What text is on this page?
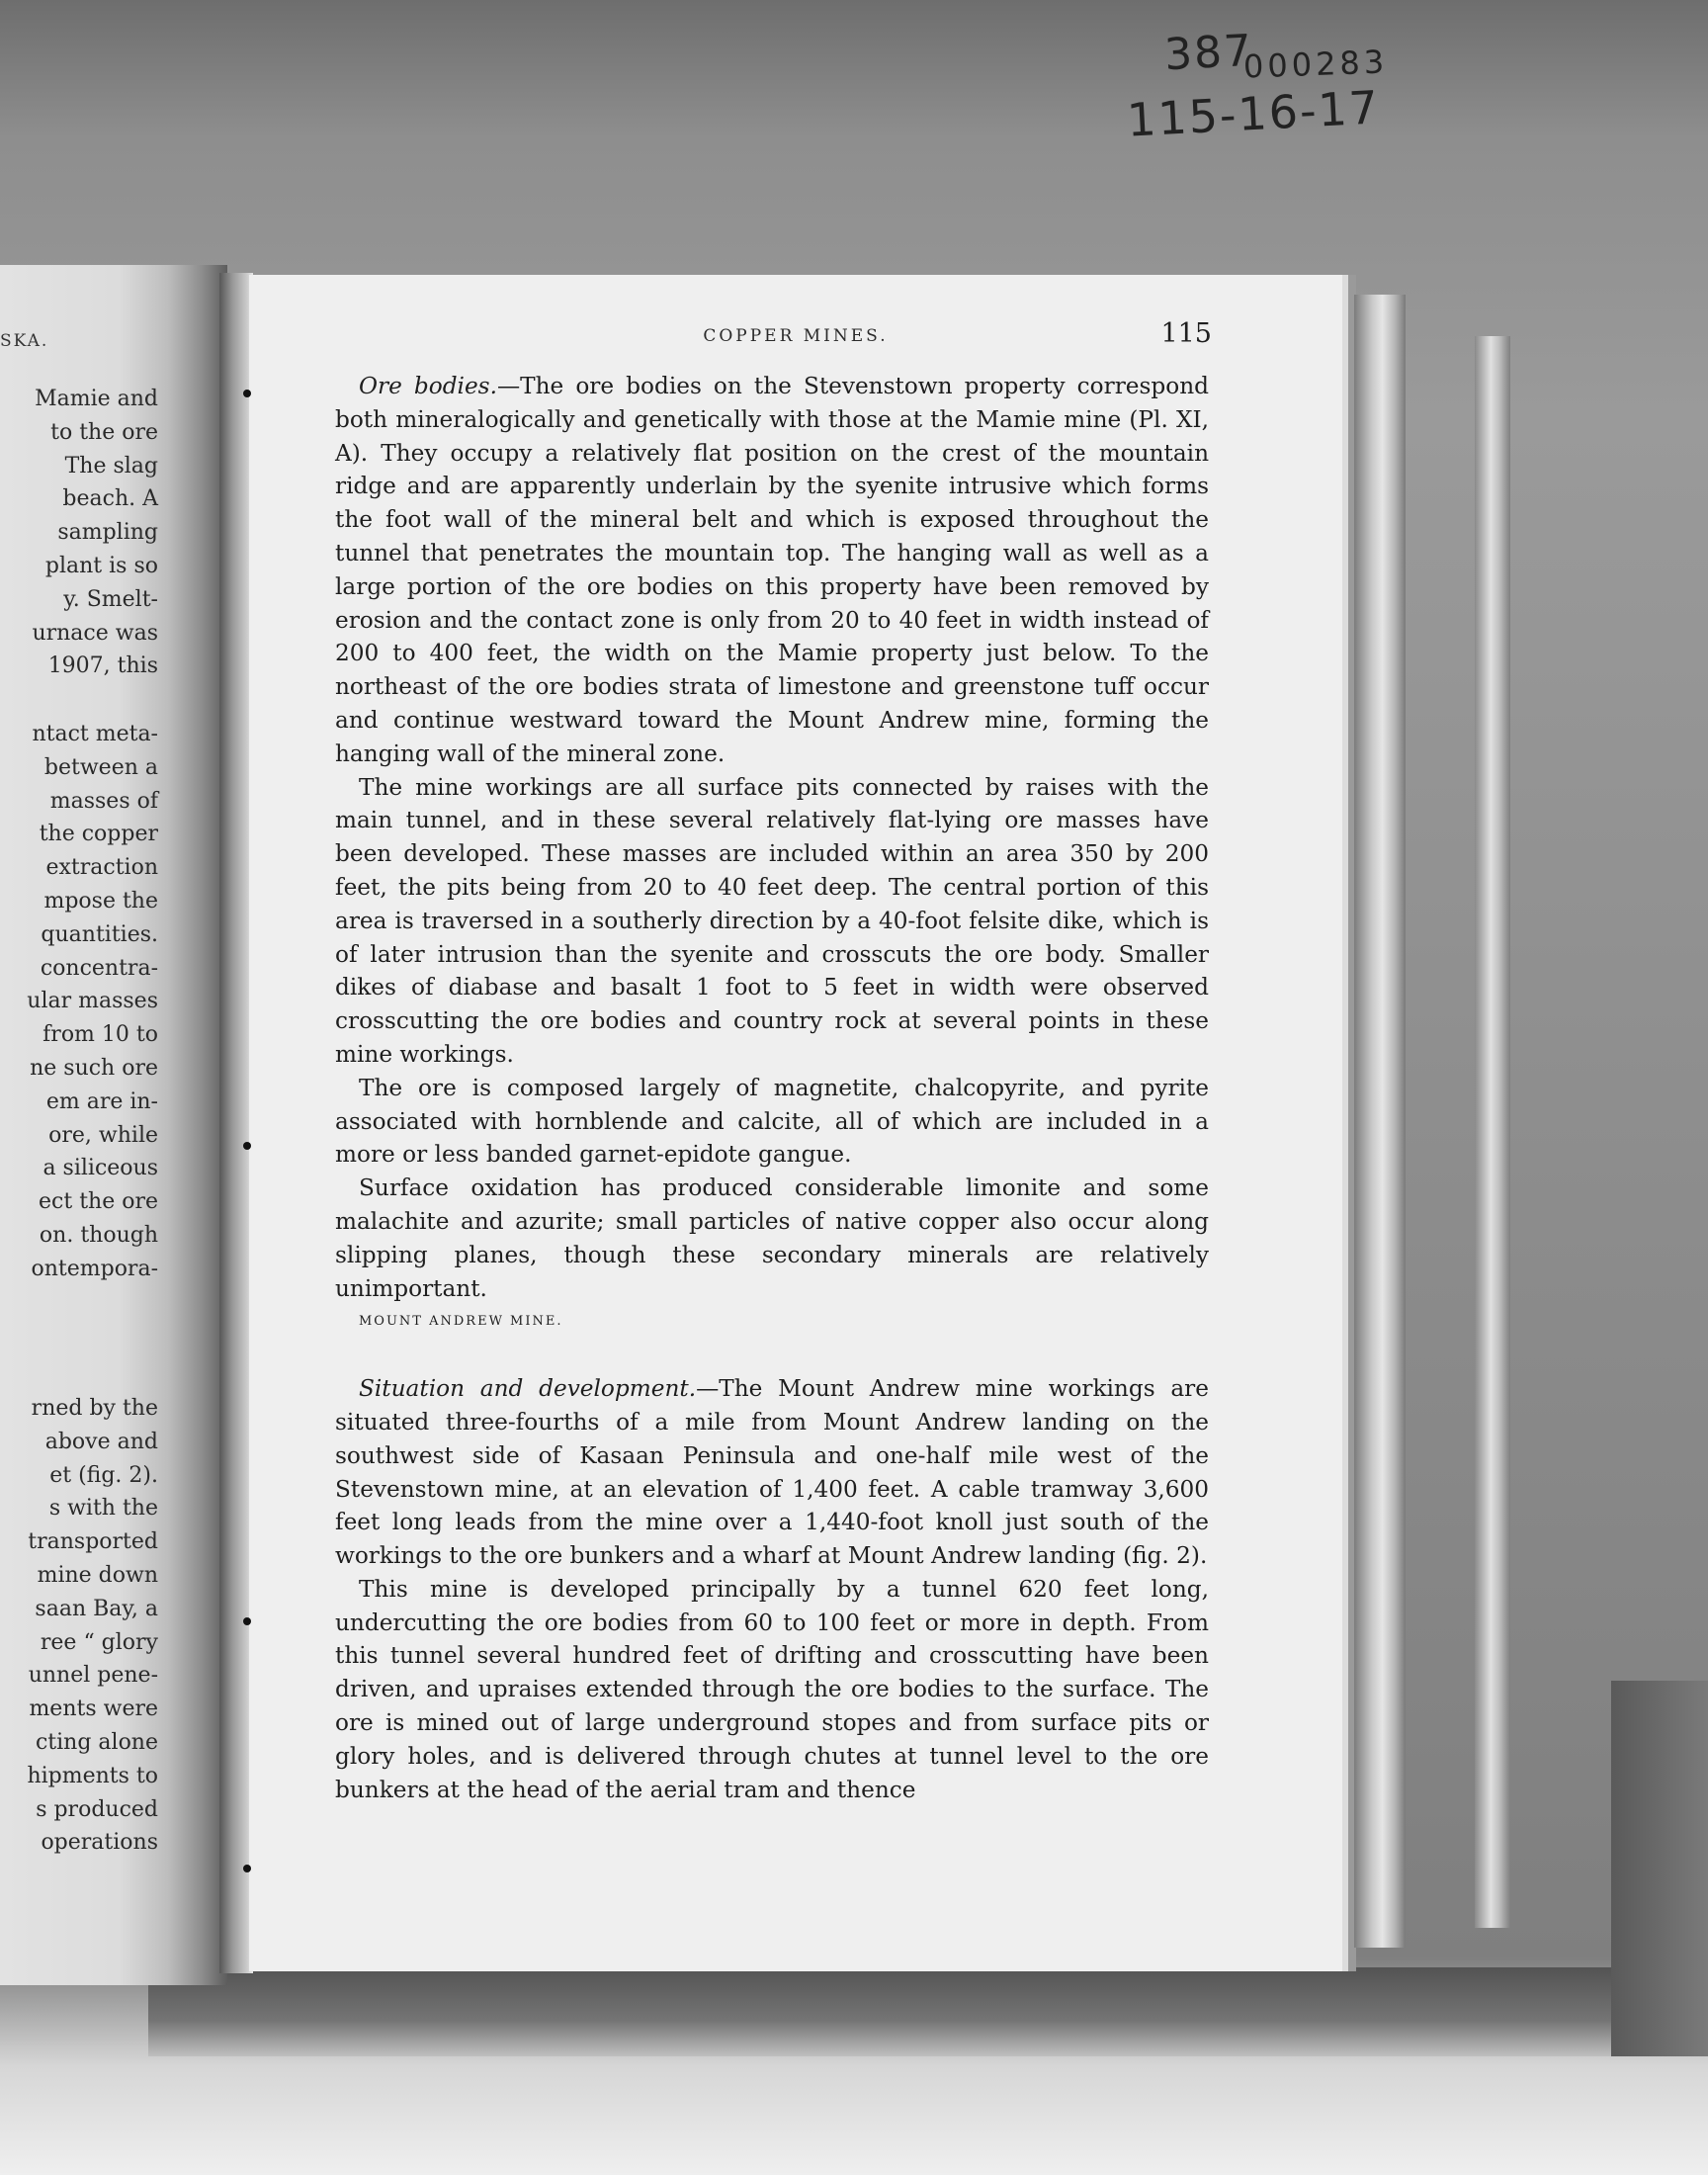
387
000283
115-16-17
SKA.
Mamie and
to the ore
The slag
beach. A
sampling
plant is so
y. Smelt-
urnace was
1907, this
ntact meta-
between a
masses of
the copper
extraction
mpose the
quantities.
concentra-
ular masses
from 10 to
ne such ore
em are in-
ore, while
a siliceous
ect the ore
on. though
ontempora-
rned by the
above and
et (fig. 2).
s with the
transported
mine down
saan Bay, a
ree “ glory
unnel pene-
ments were
cting alone
hipments to
s produced
operations
COPPER MINES.	115

Ore bodies.—The ore bodies on the Stevenstown property correspond both mineralogically and genetically with those at the Mamie mine (Pl. XI, A). They occupy a relatively flat position on the crest of the mountain ridge and are apparently underlain by the syenite intrusive which forms the foot wall of the mineral belt and which is exposed throughout the tunnel that penetrates the mountain top. The hanging wall as well as a large portion of the ore bodies on this property have been removed by erosion and the contact zone is only from 20 to 40 feet in width instead of 200 to 400 feet, the width on the Mamie property just below. To the northeast of the ore bodies strata of limestone and greenstone tuff occur and continue westward toward the Mount Andrew mine, forming the hanging wall of the mineral zone.

The mine workings are all surface pits connected by raises with the main tunnel, and in these several relatively flat-lying ore masses have been developed. These masses are included within an area 350 by 200 feet, the pits being from 20 to 40 feet deep. The central portion of this area is traversed in a southerly direction by a 40-foot felsite dike, which is of later intrusion than the syenite and crosscuts the ore body. Smaller dikes of diabase and basalt 1 foot to 5 feet in width were observed crosscutting the ore bodies and country rock at several points in these mine workings.

The ore is composed largely of magnetite, chalcopyrite, and pyrite associated with hornblende and calcite, all of which are included in a more or less banded garnet-epidote gangue.

Surface oxidation has produced considerable limonite and some malachite and azurite; small particles of native copper also occur along slipping planes, though these secondary minerals are relatively unimportant.

MOUNT ANDREW MINE.

Situation and development.—The Mount Andrew mine workings are situated three-fourths of a mile from Mount Andrew landing on the southwest side of Kasaan Peninsula and one-half mile west of the Stevenstown mine, at an elevation of 1,400 feet. A cable tramway 3,600 feet long leads from the mine over a 1,440-foot knoll just south of the workings to the ore bunkers and a wharf at Mount Andrew landing (fig. 2).

This mine is developed principally by a tunnel 620 feet long, undercutting the ore bodies from 60 to 100 feet or more in depth. From this tunnel several hundred feet of drifting and crosscutting have been driven, and upraises extended through the ore bodies to the surface. The ore is mined out of large underground stopes and from surface pits or glory holes, and is delivered through chutes at tunnel level to the ore bunkers at the head of the aerial tram and thence
